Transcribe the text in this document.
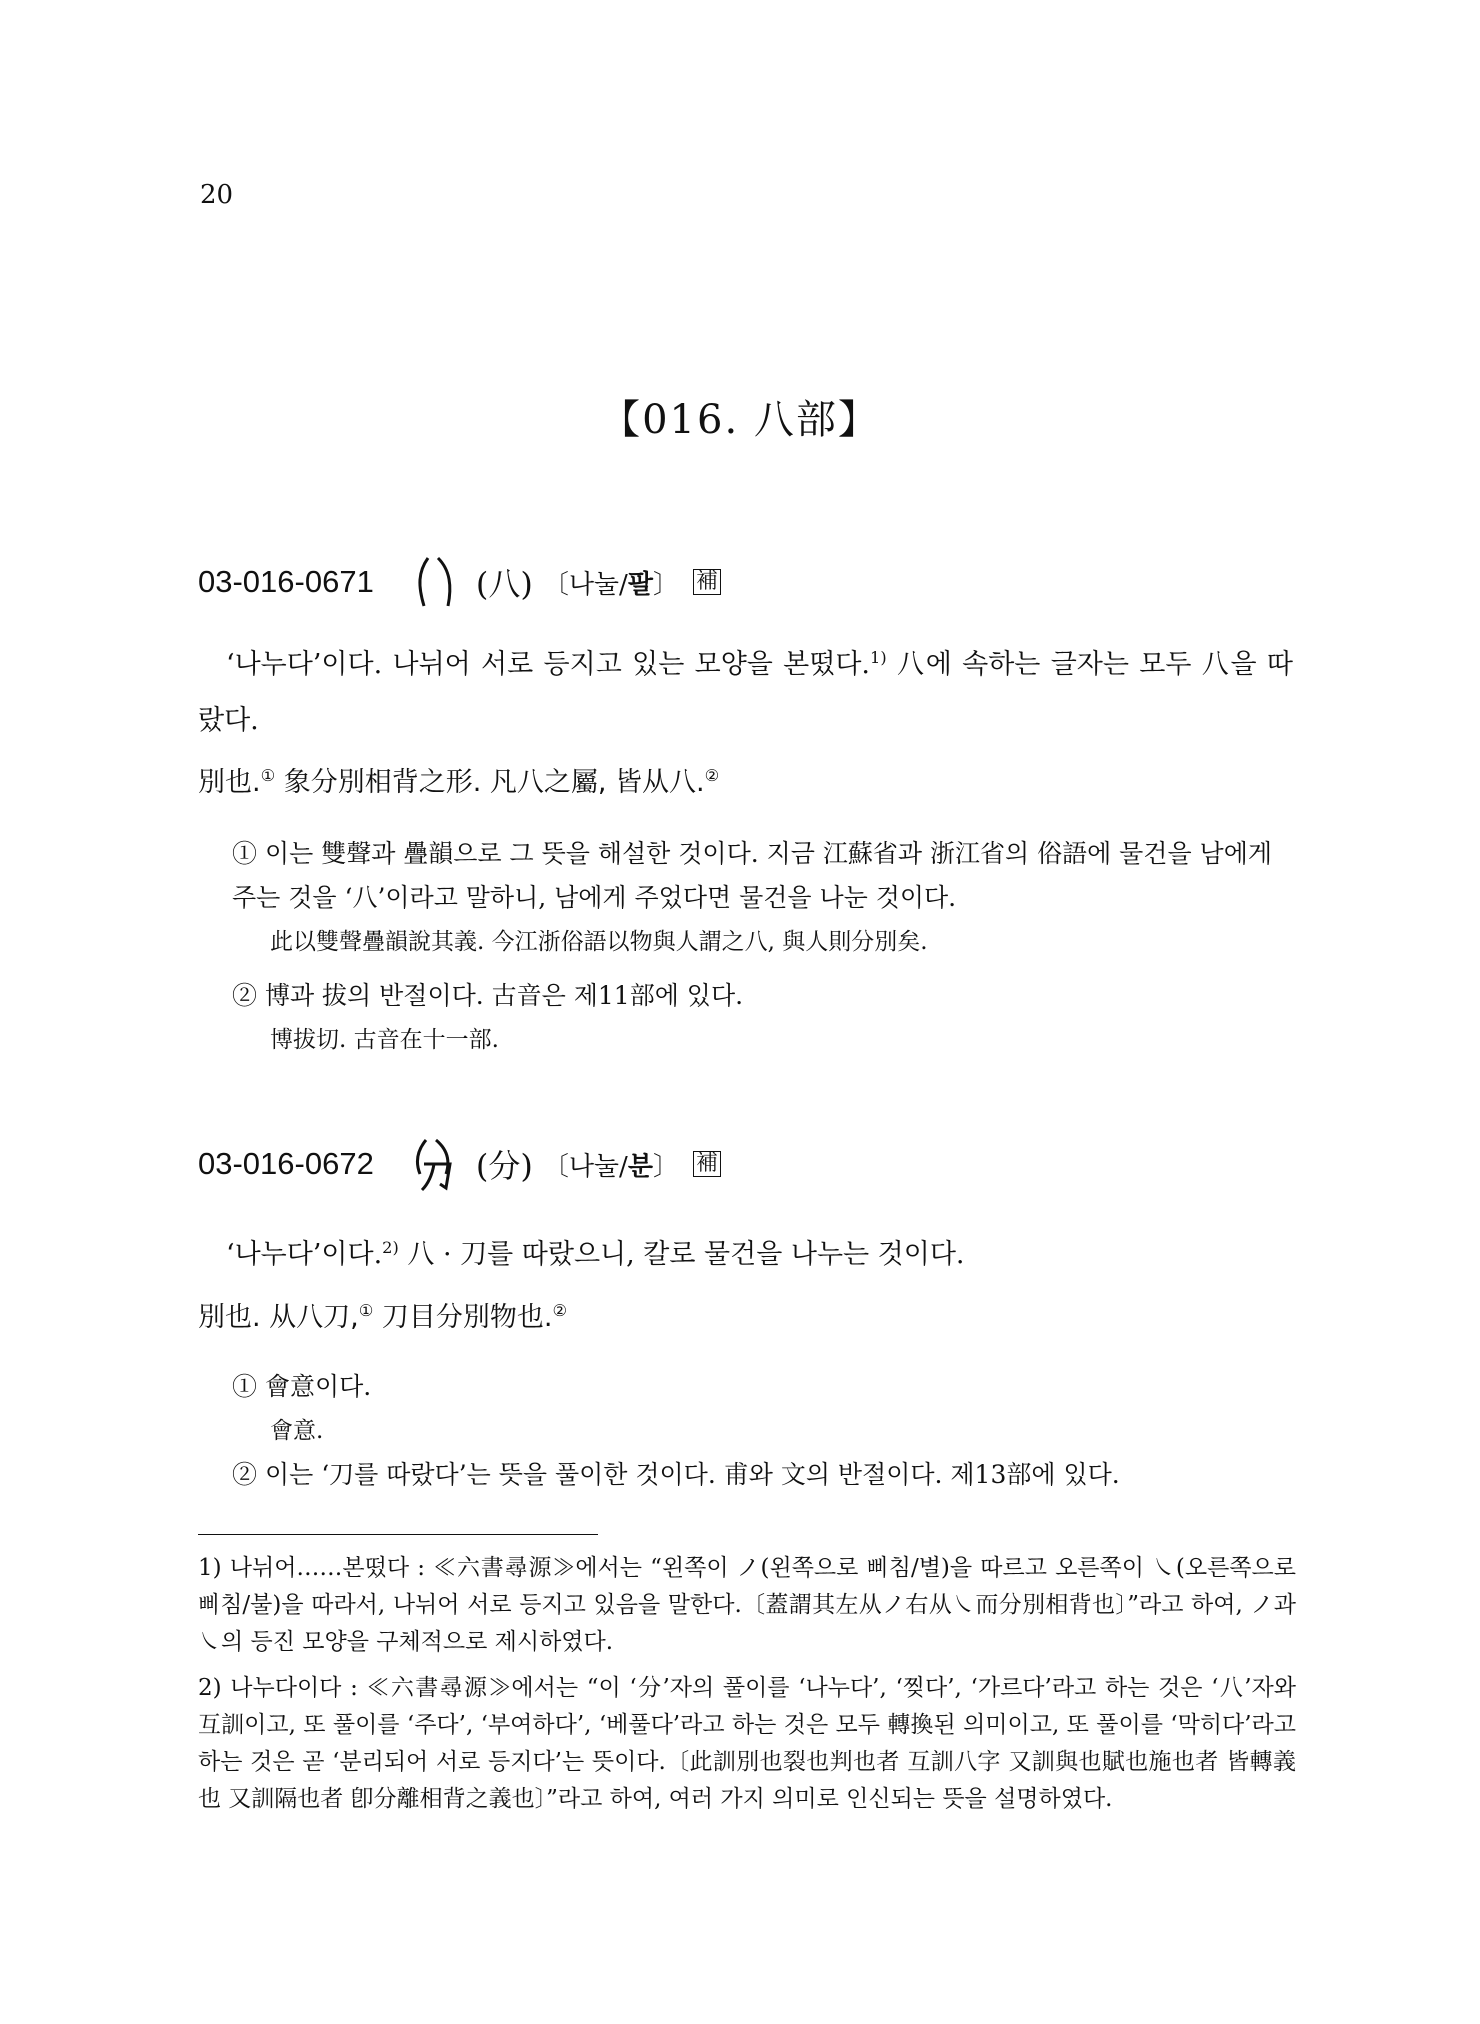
20
【016. 八部】
03-016-0671	(八) 〔나눌/팔〕 補
‘나누다’이다. 나뉘어 서로 등지고 있는 모양을 본떴다.$^{1)}$ 八에 속하는 글자는 모두 八을 따랐다.
別也.① 象分別相背之形. 凡八之屬, 皆从八.②
① 이는 雙聲과 疊韻으로 그 뜻을 해설한 것이다. 지금 江蘇省과 浙江省의 俗語에 물건을 남에게 주는 것을 ‘八’이라고 말하니, 남에게 주었다면 물건을 나눈 것이다.
此以雙聲疊韻說其義. 今江浙俗語以物與人謂之八, 與人則分別矣.
② 博과 拔의 반절이다. 古音은 제11部에 있다.
博拔切. 古音在十一部.
03-016-0672	(分) 〔나눌/분〕 補
‘나누다’이다.$^{2)}$ 八 · 刀를 따랐으니, 칼로 물건을 나누는 것이다.
別也. 从八刀,① 刀目分別物也.②
① 會意이다.
會意.
② 이는 ‘刀를 따랐다’는 뜻을 풀이한 것이다. 甫와 文의 반절이다. 제13部에 있다.
1) 나뉘어……본떴다 : ≪六書尋源≫에서는 “왼쪽이 ノ(왼쪽으로 삐침/별)을 따르고 오른쪽이 ㇏(오른쪽으로 삐침/불)을 따라서, 나뉘어 서로 등지고 있음을 말한다.〔蓋謂其左从ノ右从㇏而分別相背也〕”라고 하여, ノ과 ㇏의 등진 모양을 구체적으로 제시하였다.
2) 나누다이다 : ≪六書尋源≫에서는 “이 ‘分’자의 풀이를 ‘나누다’, ‘찢다’, ‘가르다’라고 하는 것은 ‘八’자와 互訓이고, 또 풀이를 ‘주다’, ‘부여하다’, ‘베풀다’라고 하는 것은 모두 轉換된 의미이고, 또 풀이를 ‘막히다’라고 하는 것은 곧 ‘분리되어 서로 등지다’는 뜻이다.〔此訓別也裂也判也者 互訓八字 又訓與也賦也施也者 皆轉義也 又訓隔也者 卽分離相背之義也〕”라고 하여, 여러 가지 의미로 인신되는 뜻을 설명하였다.
